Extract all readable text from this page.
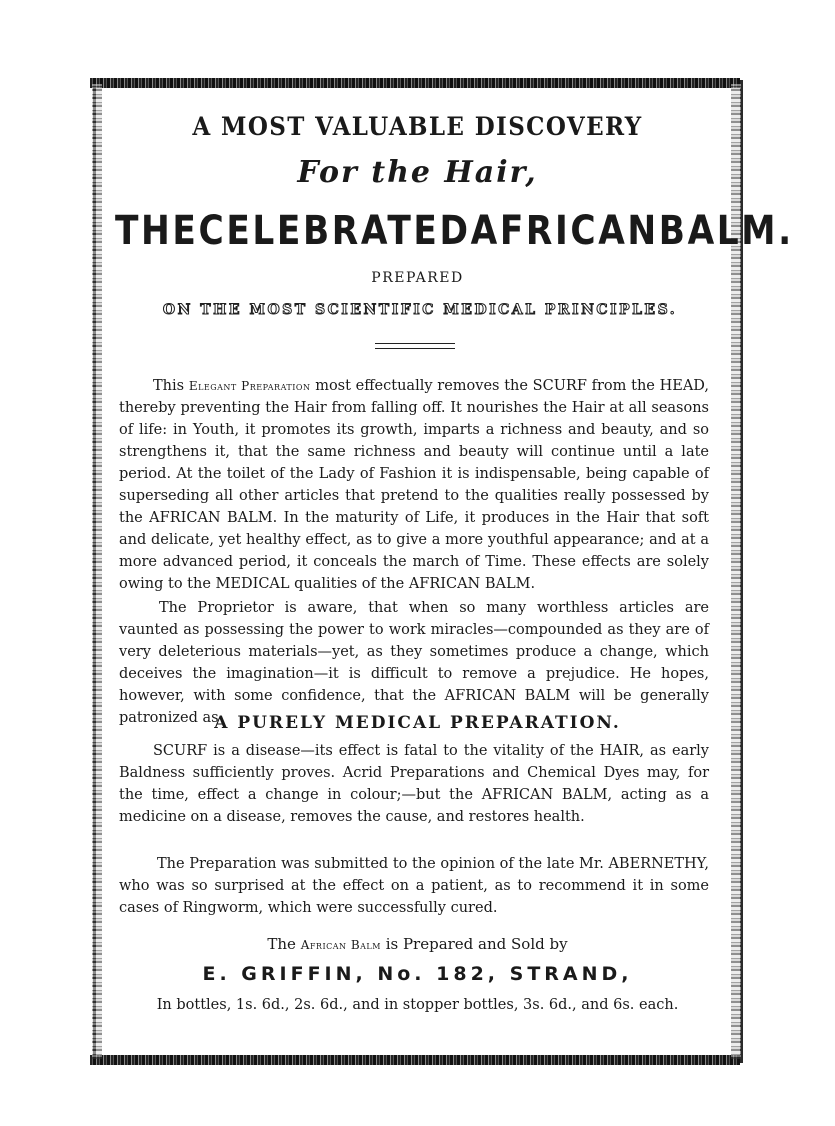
A MOST VALUABLE DISCOVERY
For the Hair,
THE CELEBRATED AFRICAN BALM.
PREPARED
ON THE MOST SCIENTIFIC MEDICAL PRINCIPLES.

This Elegant Preparation most effectually removes the SCURF from the HEAD, thereby preventing the Hair from falling off. It nourishes the Hair at all seasons of life: in Youth, it promotes its growth, imparts a richness and beauty, and so strengthens it, that the same richness and beauty will continue until a late period. At the toilet of the Lady of Fashion it is indispensable, being capable of superseding all other articles that pretend to the qualities really possessed by the AFRICAN BALM. In the maturity of Life, it produces in the Hair that soft and delicate, yet healthy effect, as to give a more youthful appearance; and at a more advanced period, it conceals the march of Time. These effects are solely owing to the MEDICAL qualities of the AFRICAN BALM.

The Proprietor is aware, that when so many worthless articles are vaunted as possessing the power to work miracles—compounded as they are of very deleterious materials—yet, as they sometimes produce a change, which deceives the imagination—it is difficult to remove a prejudice. He hopes, however, with some confidence, that the AFRICAN BALM will be generally patronized as

A PURELY MEDICAL PREPARATION.

SCURF is a disease—its effect is fatal to the vitality of the HAIR, as early Baldness sufficiently proves. Acrid Preparations and Chemical Dyes may, for the time, effect a change in colour;—but the AFRICAN BALM, acting as a medicine on a disease, removes the cause, and restores health.

The Preparation was submitted to the opinion of the late Mr. ABERNETHY, who was so surprised at the effect on a patient, as to recommend it in some cases of Ringworm, which were successfully cured.

The African Balm is Prepared and Sold by
E. GRIFFIN, No. 182, STRAND,
In bottles, 1s. 6d., 2s. 6d., and in stopper bottles, 3s. 6d., and 6s. each.
